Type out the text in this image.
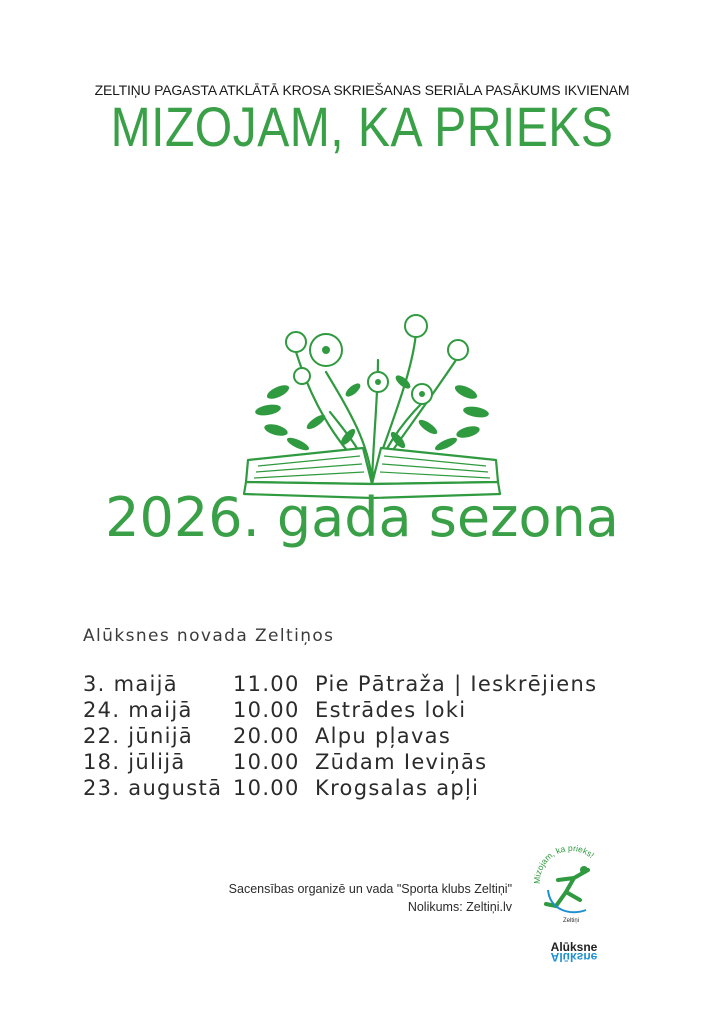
ZELTIŅU PAGASTA ATKLĀTĀ KROSA SKRIEŠANAS SERIĀLA PASĀKUMS IKVIENAM
MIZOJAM, KA PRIEKS
2026. gada sezona
Alūksnes novada Zeltiņos
3. maijā	11.00 Pie Pātraža | Ieskrējiens
24. maijā 10.00 Estrādes loki
22. jūnijā 20.00 Alpu pļavas
18. jūlijā 10.00 Zūdam Ieviņās
23. augustā 10.00 Krogsalas apļi
Sacensības organizē un vada "Sporta klubs Zeltiņi"
Nolikums: Zeltiņi.lv
Mizojam, ka prieks!
Zeltiņi
Alūksne
Alūksne
